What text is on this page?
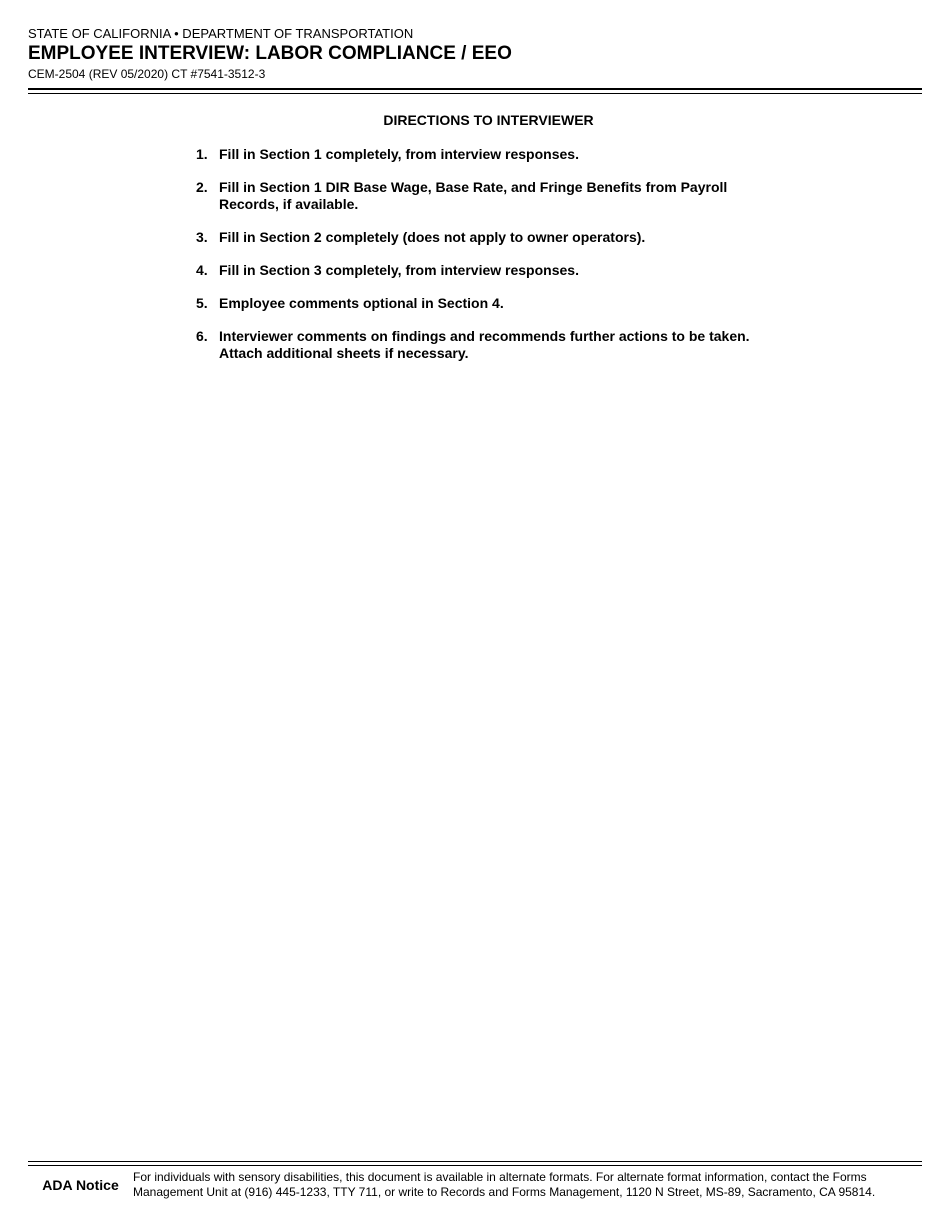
STATE OF CALIFORNIA • DEPARTMENT OF TRANSPORTATION

EMPLOYEE INTERVIEW: LABOR COMPLIANCE / EEO

CEM-2504 (REV 05/2020) CT #7541-3512-3

DIRECTIONS TO INTERVIEWER
1. Fill in Section 1 completely, from interview responses.
2. Fill in Section 1 DIR Base Wage, Base Rate, and Fringe Benefits from Payroll Records, if available.
3. Fill in Section 2 completely (does not apply to owner operators).
4. Fill in Section 3 completely, from interview responses.
5. Employee comments optional in Section 4.
6. Interviewer comments on findings and recommends further actions to be taken. Attach additional sheets if necessary.
ADA Notice	For individuals with sensory disabilities, this document is available in alternate formats. For alternate format information, contact the Forms Management Unit at (916) 445-1233, TTY 711, or write to Records and Forms Management, 1120 N Street, MS-89, Sacramento, CA 95814.
